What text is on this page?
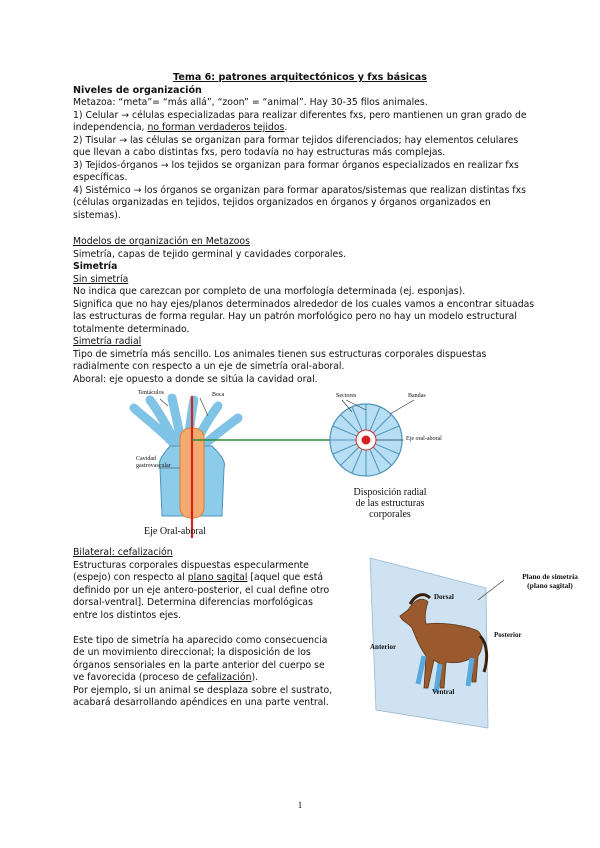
Tema 6: patrones arquitectónicos y fxs básicas
Niveles de organización
Metazoa: “meta”= “más allá”, “zoon” = “animal”. Hay 30-35 filos animales.
1) Celular → células especializadas para realizar diferentes fxs, pero mantienen un gran grado de
independencia, no forman verdaderos tejidos.
2) Tisular → las células se organizan para formar tejidos diferenciados; hay elementos celulares
que llevan a cabo distintas fxs, pero todavía no hay estructuras más complejas.
3) Tejidos-órganos → los tejidos se organizan para formar órganos especializados en realizar fxs
específicas.
4) Sistémico → los órganos se organizan para formar aparatos/sistemas que realizan distintas fxs
(células organizadas en tejidos, tejidos organizados en órganos y órganos organizados en
sistemas).
Modelos de organización en Metazoos
Simetría, capas de tejido germinal y cavidades corporales.
Simetría
Sin simetría
No indica que carezcan por completo de una morfología determinada (ej. esponjas).
Significa que no hay ejes/planos determinados alrededor de los cuales vamos a encontrar situadas
las estructuras de forma regular. Hay un patrón morfológico pero no hay un modelo estructural
totalmente determinado.
Simetría radial
Tipo de simetría más sencillo. Los animales tienen sus estructuras corporales dispuestas
radialmente con respecto a un eje de simetría oral-aboral.
Aboral: eje opuesto a donde se sitúa la cavidad oral.
Tentáculos	Boca
Cavidad
gastrovascular
Sectores	Bandas
Eje oral-aboral
Eje Oral-aboral
Disposición radial
de las estructuras
corporales
Bilateral: cefalización
Estructuras corporales dispuestas especularmente
(espejo) con respecto al plano sagital [aquel que está
definido por un eje antero-posterior, el cual define otro
dorsal-ventral]. Determina diferencias morfológicas
entre los distintos ejes.
Este tipo de simetría ha aparecido como consecuencia
de un movimiento direccional; la disposición de los
órganos sensoriales en la parte anterior del cuerpo se
ve favorecida (proceso de cefalización).
Por ejemplo, si un animal se desplaza sobre el sustrato,
acabará desarrollando apéndices en una parte ventral.
Plano de simetría
(plano sagital)
Dorsal
Posterior
Anterior
Ventral
1
